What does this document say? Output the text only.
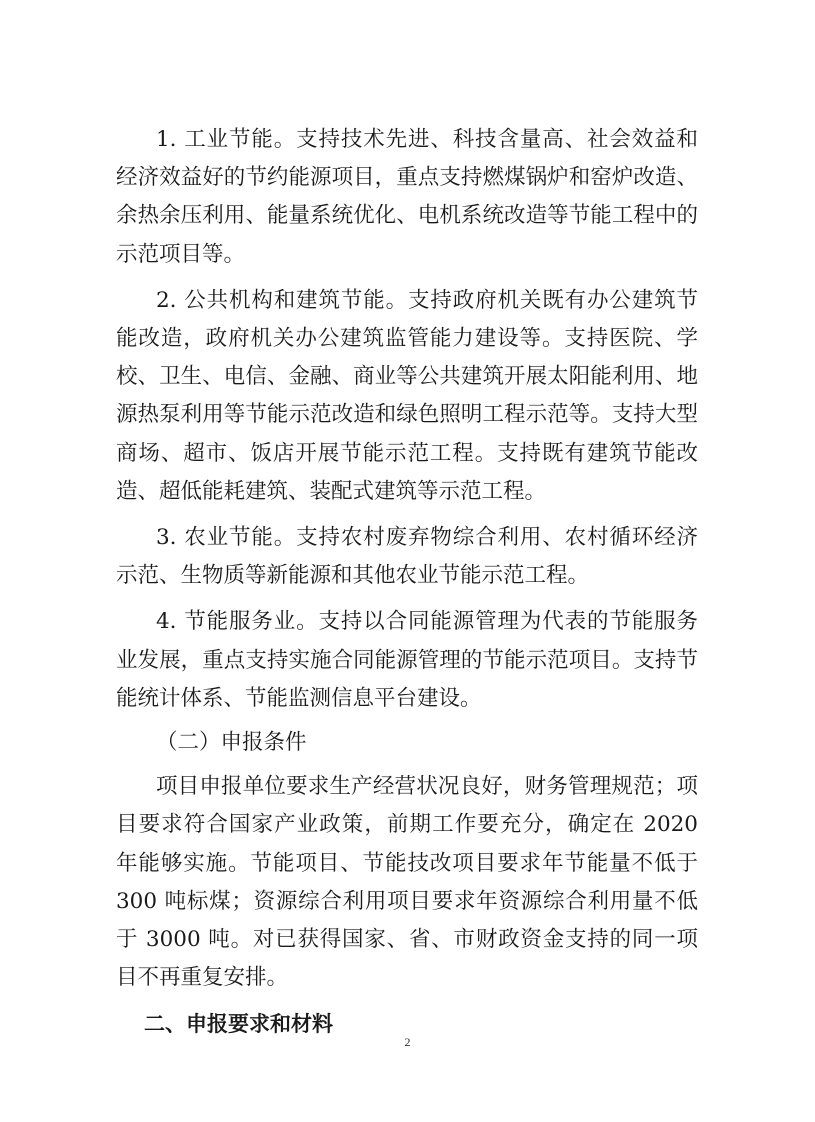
1. 工业节能。支持技术先进、科技含量高、社会效益和经济效益好的节约能源项目，重点支持燃煤锅炉和窑炉改造、余热余压利用、能量系统优化、电机系统改造等节能工程中的示范项目等。

2. 公共机构和建筑节能。支持政府机关既有办公建筑节能改造，政府机关办公建筑监管能力建设等。支持医院、学校、卫生、电信、金融、商业等公共建筑开展太阳能利用、地源热泵利用等节能示范改造和绿色照明工程示范等。支持大型商场、超市、饭店开展节能示范工程。支持既有建筑节能改造、超低能耗建筑、装配式建筑等示范工程。

3. 农业节能。支持农村废弃物综合利用、农村循环经济示范、生物质等新能源和其他农业节能示范工程。

4. 节能服务业。支持以合同能源管理为代表的节能服务业发展，重点支持实施合同能源管理的节能示范项目。支持节能统计体系、节能监测信息平台建设。

（二）申报条件

项目申报单位要求生产经营状况良好，财务管理规范；项目要求符合国家产业政策，前期工作要充分，确定在 2020 年能够实施。节能项目、节能技改项目要求年节能量不低于 300 吨标煤；资源综合利用项目要求年资源综合利用量不低于 3000 吨。对已获得国家、省、市财政资金支持的同一项目不再重复安排。

二、申报要求和材料

2
